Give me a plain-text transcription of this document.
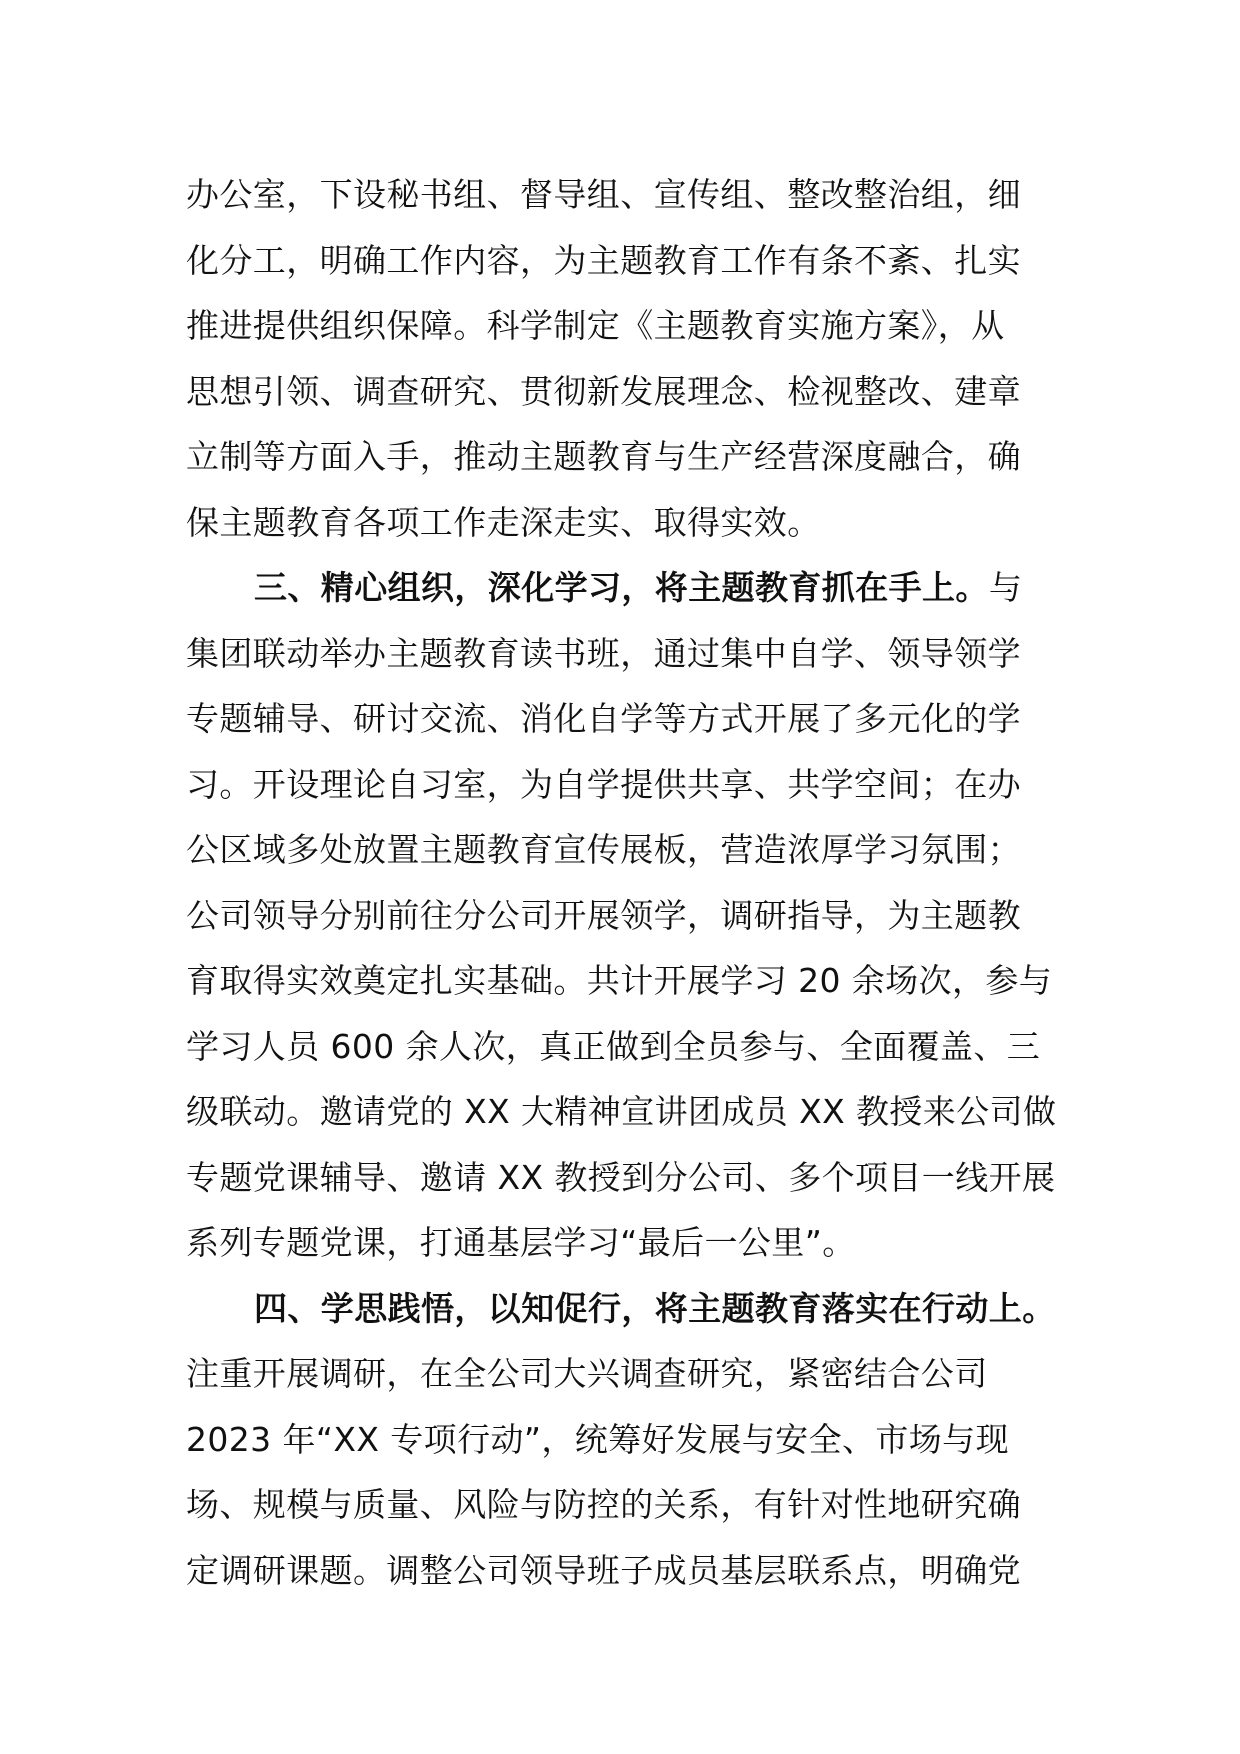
办公室，下设秘书组、督导组、宣传组、整改整治组，细
化分工，明确工作内容，为主题教育工作有条不紊、扎实
推进提供组织保障。科学制定《主题教育实施方案》，从
思想引领、调查研究、贯彻新发展理念、检视整改、建章
立制等方面入手，推动主题教育与生产经营深度融合，确
保主题教育各项工作走深走实、取得实效。
三、精心组织，深化学习，将主题教育抓在手上。与
集团联动举办主题教育读书班，通过集中自学、领导领学
专题辅导、研讨交流、消化自学等方式开展了多元化的学
习。开设理论自习室，为自学提供共享、共学空间；在办
公区域多处放置主题教育宣传展板，营造浓厚学习氛围；
公司领导分别前往分公司开展领学，调研指导，为主题教
育取得实效奠定扎实基础。共计开展学习 20 余场次，参与
学习人员 600 余人次，真正做到全员参与、全面覆盖、三
级联动。邀请党的 XX 大精神宣讲团成员 XX 教授来公司做
专题党课辅导、邀请 XX 教授到分公司、多个项目一线开展
系列专题党课，打通基层学习“最后一公里”。
四、学思践悟，以知促行，将主题教育落实在行动上。
注重开展调研，在全公司大兴调查研究，紧密结合公司
2023 年“XX 专项行动”，统筹好发展与安全、市场与现
场、规模与质量、风险与防控的关系，有针对性地研究确
定调研课题。调整公司领导班子成员基层联系点，明确党
